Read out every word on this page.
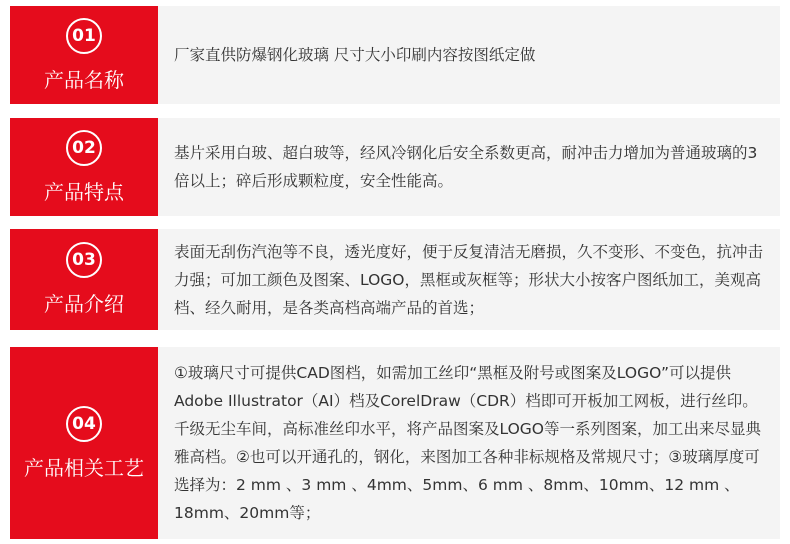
01
产品名称
厂家直供防爆钢化玻璃 尺寸大小印刷内容按图纸定做
02
产品特点
基片采用白玻、超白玻等，经风冷钢化后安全系数更高，耐冲击力增加为普通玻璃的3倍以上；碎后形成颗粒度，安全性能高。
03
产品介绍
表面无刮伤汽泡等不良，透光度好，便于反复清洁无磨损，久不变形、不变色，抗冲击力强；可加工颜色及图案、LOGO，黑框或灰框等；形状大小按客户图纸加工，美观高档、经久耐用，是各类高档高端产品的首选；
04
产品相关工艺
①玻璃尺寸可提供CAD图档，如需加工丝印“黑框及附号或图案及LOGO”可以提供Adobe Illustrator（AI）档及CorelDraw（CDR）档即可开板加工网板，进行丝印。千级无尘车间，高标准丝印水平，将产品图案及LOGO等一系列图案，加工出来尽显典雅高档。②也可以开通孔的，钢化，来图加工各种非标规格及常规尺寸；③玻璃厚度可选择为：2 mm 、3 mm 、4mm、5mm、6 mm 、8mm、10mm、12 mm 、18mm、20mm等；
